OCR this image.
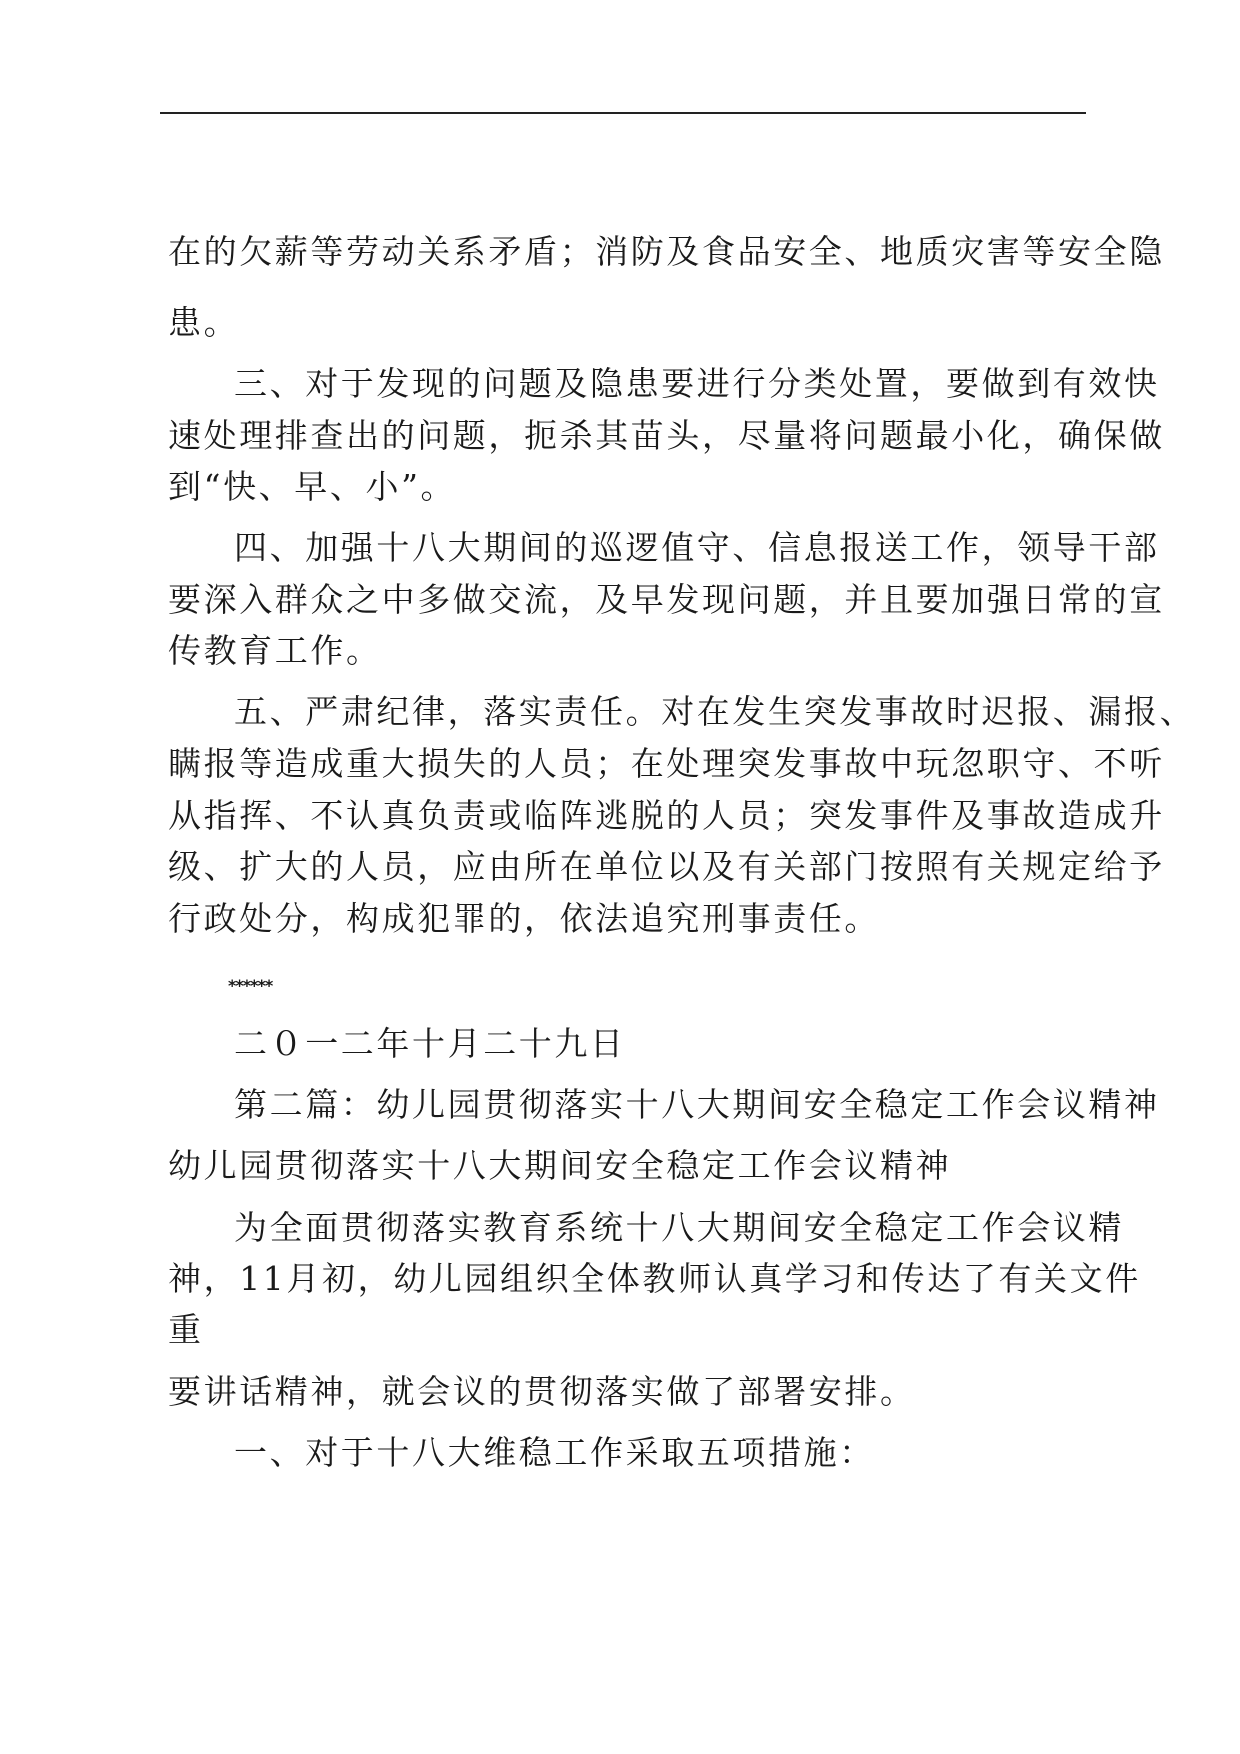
在的欠薪等劳动关系矛盾；消防及食品安全、地质灾害等安全隐
患。
三、对于发现的问题及隐患要进行分类处置，要做到有效快
速处理排查出的问题，扼杀其苗头，尽量将问题最小化，确保做
到“快、早、小”。
四、加强十八大期间的巡逻值守、信息报送工作，领导干部
要深入群众之中多做交流，及早发现问题，并且要加强日常的宣
传教育工作。
五、严肃纪律，落实责任。对在发生突发事故时迟报、漏报、
瞒报等造成重大损失的人员；在处理突发事故中玩忽职守、不听
从指挥、不认真负责或临阵逃脱的人员；突发事件及事故造成升
级、扩大的人员，应由所在单位以及有关部门按照有关规定给予
行政处分，构成犯罪的，依法追究刑事责任。
******
二０一二年十月二十九日
第二篇：幼儿园贯彻落实十八大期间安全稳定工作会议精神
幼儿园贯彻落实十八大期间安全稳定工作会议精神
为全面贯彻落实教育系统十八大期间安全稳定工作会议精
神，11月初，幼儿园组织全体教师认真学习和传达了有关文件
重
要讲话精神，就会议的贯彻落实做了部署安排。
一、对于十八大维稳工作采取五项措施：
